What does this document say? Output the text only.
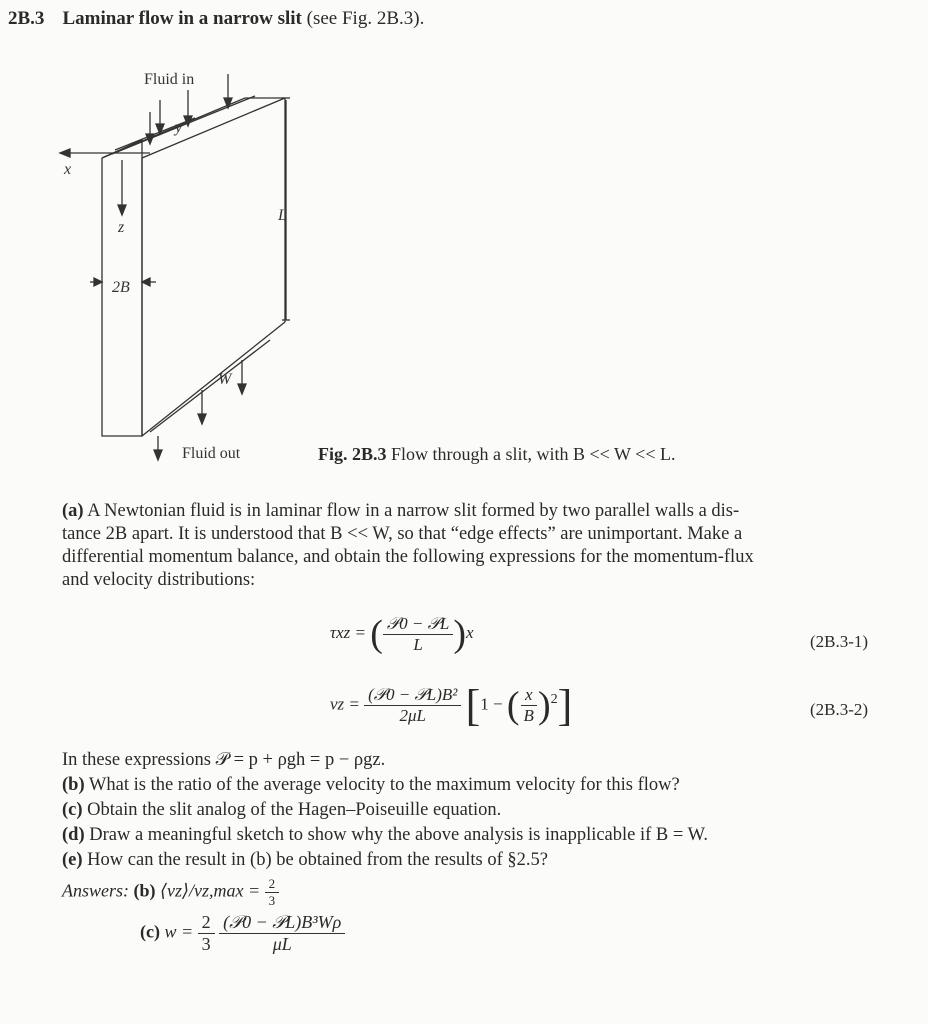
2B.3 Laminar flow in a narrow slit (see Fig. 2B.3).
Fluid in
x
y
z
L
2B
W
Fluid out	Fig. 2B.3 Flow through a slit, with B << W << L.
(a) A Newtonian fluid is in laminar flow in a narrow slit formed by two parallel walls a dis-
tance 2B apart. It is understood that B << W, so that “edge effects” are unimportant. Make a
differential momentum balance, and obtain the following expressions for the momentum-flux
and velocity distributions:
τxz = ( $\frac{\text{𝒫0 − 𝒫L}}{L} )x$	(2B.3-1)
vz = $\frac{\text{(𝒫0 − 𝒫L)B²}}{2\mu L} [1$ − ( $\frac{x}{B} )^2$]	(2B.3-2)
In these expressions 𝒫 = p + ρgh = p − ρgz.
(b) What is the ratio of the average velocity to the maximum velocity for this flow?
(c) Obtain the slit analog of the Hagen–Poiseuille equation.
(d) Draw a meaningful sketch to show why the above analysis is inapplicable if B = W.
(e) How can the result in (b) be obtained from the results of §2.5?
Answers: (b) ⟨vz⟩/vz,max = $\frac{2}{3}$
(c) $w = \frac{2}{3}$
$\frac{\text{(𝒫0 − 𝒫L)B³Wρ}}{\mu L}$
